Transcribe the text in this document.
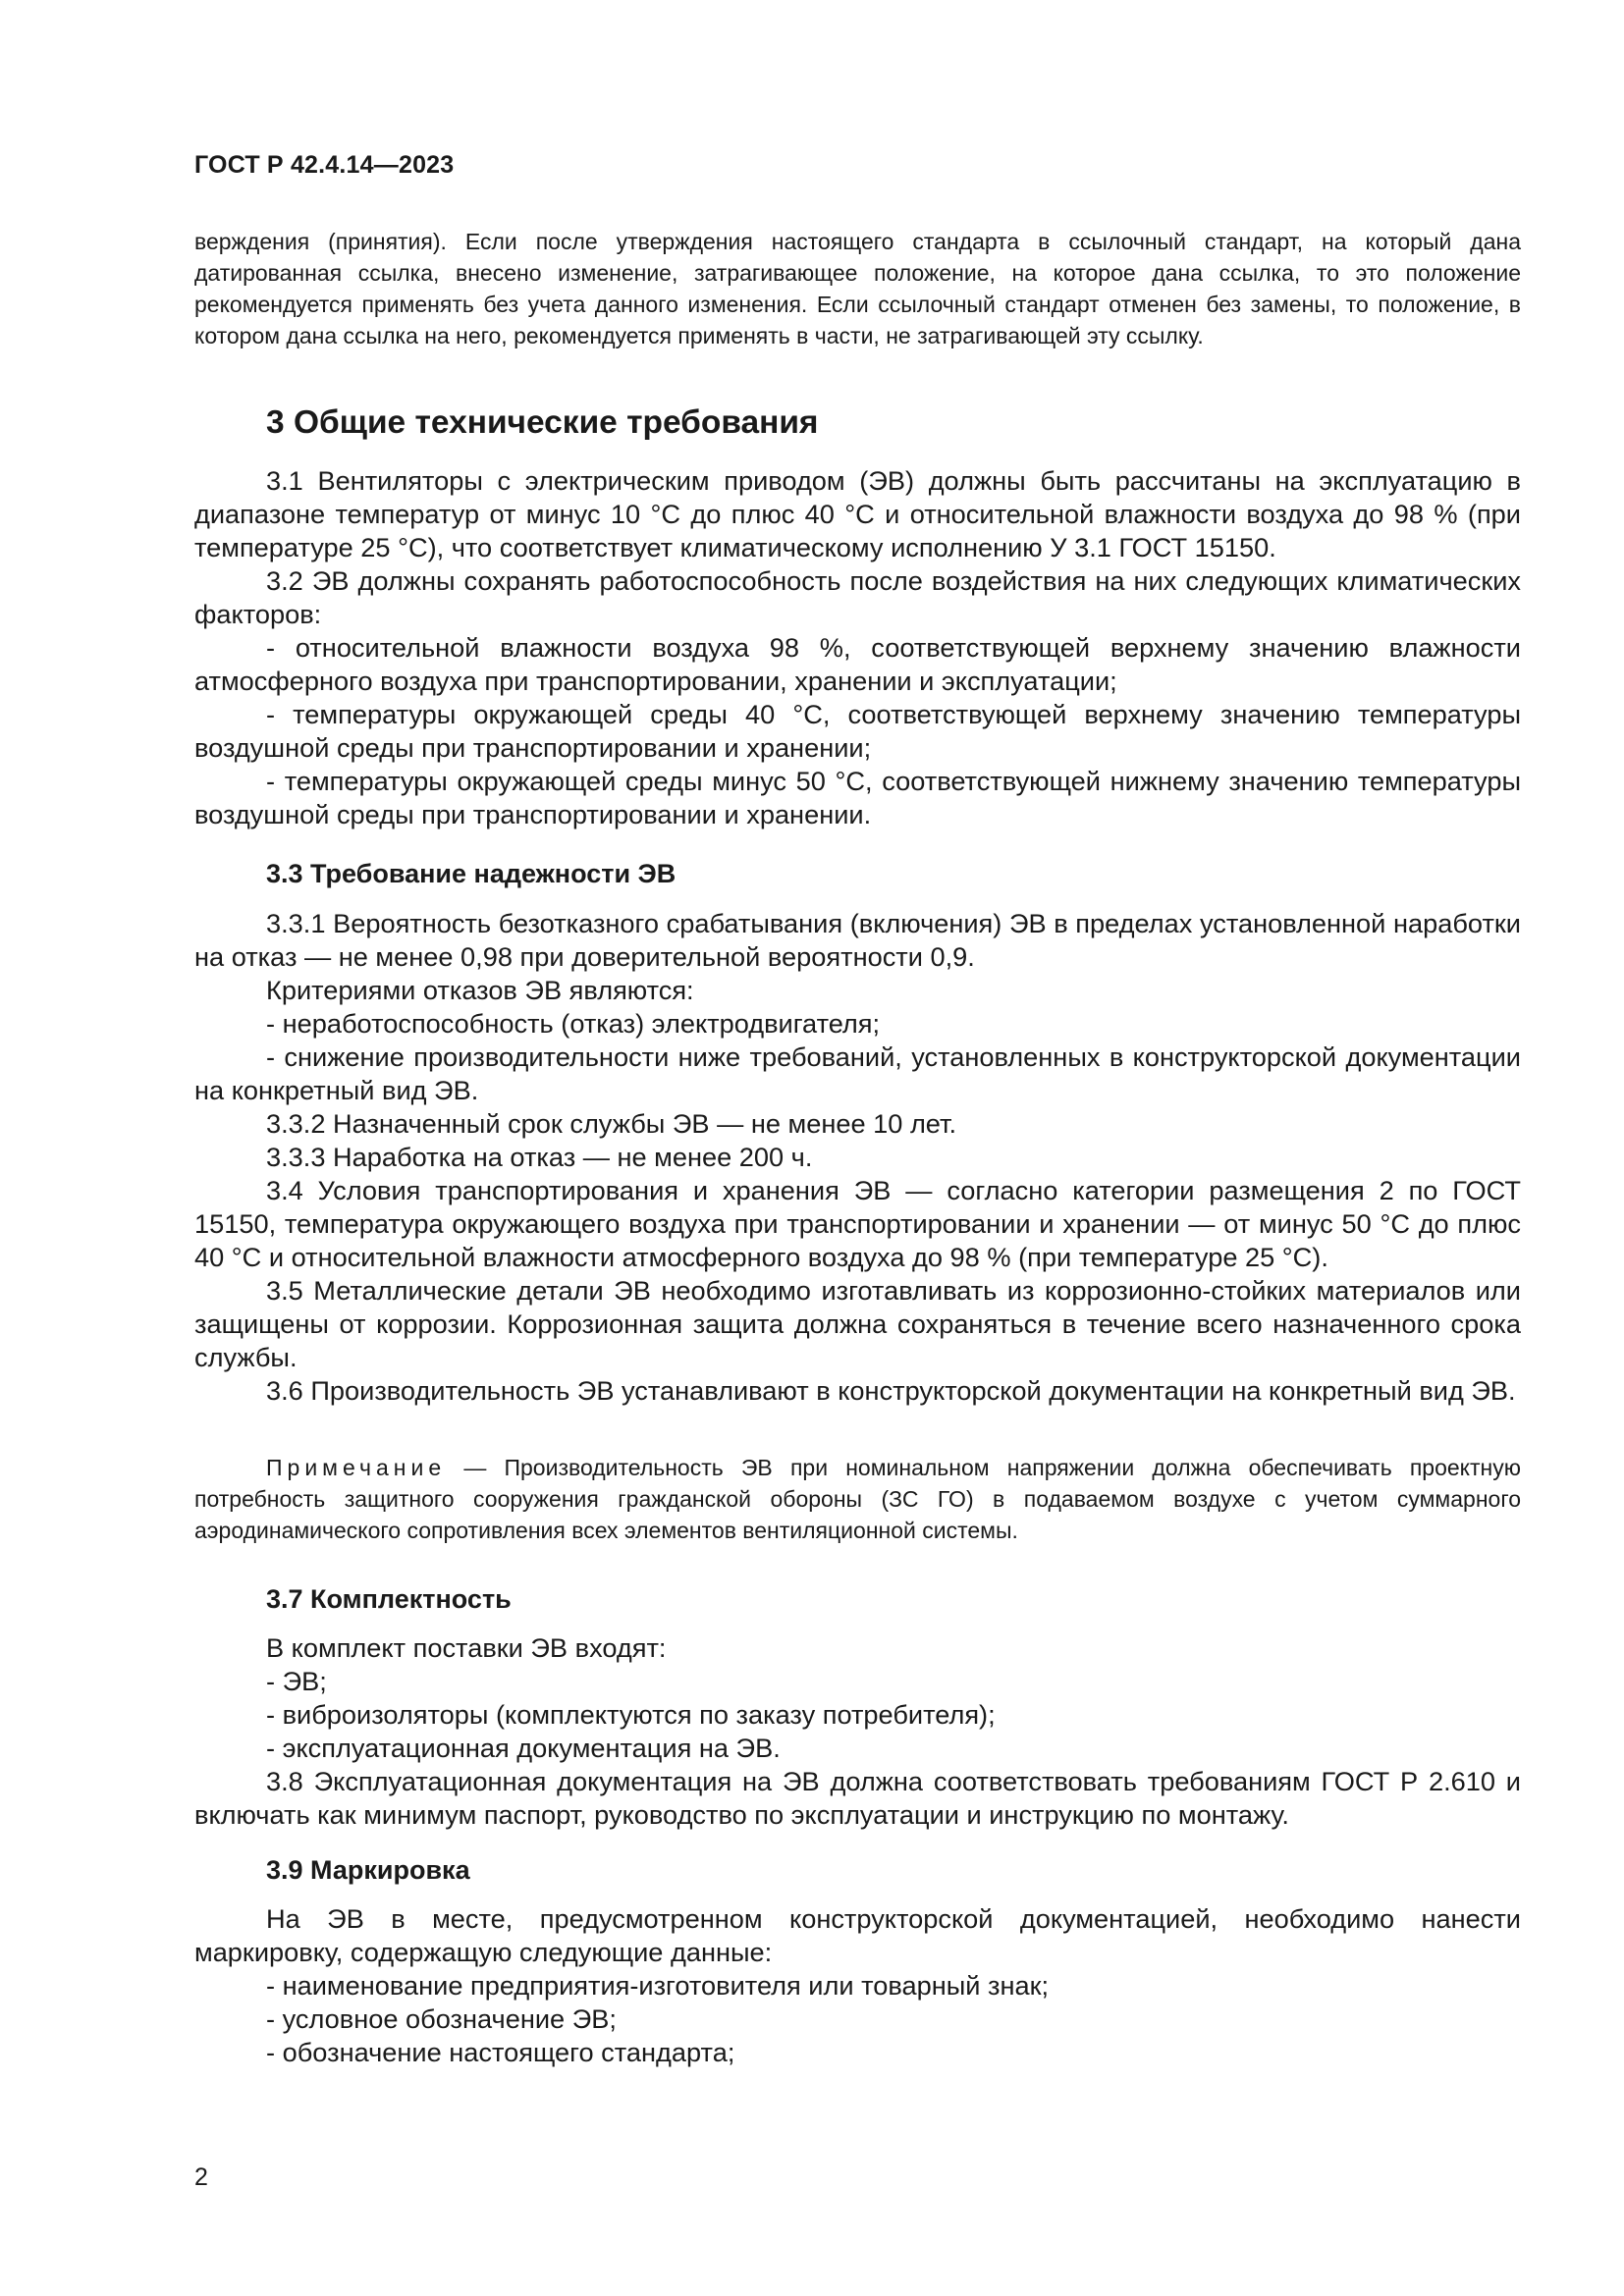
ГОСТ Р 42.4.14—2023

верждения (принятия). Если после утверждения настоящего стандарта в ссылочный стандарт, на который дана датированная ссылка, внесено изменение, затрагивающее положение, на которое дана ссылка, то это положение рекомендуется применять без учета данного изменения. Если ссылочный стандарт отменен без замены, то положение, в котором дана ссылка на него, рекомендуется применять в части, не затрагивающей эту ссылку.

3 Общие технические требования

3.1 Вентиляторы с электрическим приводом (ЭВ) должны быть рассчитаны на эксплуатацию в диапазоне температур от минус 10 °С до плюс 40 °С и относительной влажности воздуха до 98 % (при температуре 25 °С), что соответствует климатическому исполнению У 3.1 ГОСТ 15150.

3.2 ЭВ должны сохранять работоспособность после воздействия на них следующих климатических факторов:

- относительной влажности воздуха 98 %, соответствующей верхнему значению влажности атмосферного воздуха при транспортировании, хранении и эксплуатации;

- температуры окружающей среды 40 °С, соответствующей верхнему значению температуры воздушной среды при транспортировании и хранении;

- температуры окружающей среды минус 50 °С, соответствующей нижнему значению температуры воздушной среды при транспортировании и хранении.

3.3 Требование надежности ЭВ

3.3.1 Вероятность безотказного срабатывания (включения) ЭВ в пределах установленной наработки на отказ — не менее 0,98 при доверительной вероятности 0,9.

Критериями отказов ЭВ являются:

- неработоспособность (отказ) электродвигателя;

- снижение производительности ниже требований, установленных в конструкторской документации на конкретный вид ЭВ.

3.3.2 Назначенный срок службы ЭВ — не менее 10 лет.

3.3.3 Наработка на отказ — не менее 200 ч.

3.4 Условия транспортирования и хранения ЭВ — согласно категории размещения 2 по ГОСТ 15150, температура окружающего воздуха при транспортировании и хранении — от минус 50 °С до плюс 40 °С и относительной влажности атмосферного воздуха до 98 % (при температуре 25 °С).

3.5 Металлические детали ЭВ необходимо изготавливать из коррозионно-стойких материалов или защищены от коррозии. Коррозионная защита должна сохраняться в течение всего назначенного срока службы.

3.6 Производительность ЭВ устанавливают в конструкторской документации на конкретный вид ЭВ.

Примечание — Производительность ЭВ при номинальном напряжении должна обеспечивать проектную потребность защитного сооружения гражданской обороны (ЗС ГО) в подаваемом воздухе с учетом суммарного аэродинамического сопротивления всех элементов вентиляционной системы.

3.7 Комплектность

В комплект поставки ЭВ входят:

- ЭВ;

- виброизоляторы (комплектуются по заказу потребителя);

- эксплуатационная документация на ЭВ.

3.8 Эксплуатационная документация на ЭВ должна соответствовать требованиям ГОСТ Р 2.610 и включать как минимум паспорт, руководство по эксплуатации и инструкцию по монтажу.

3.9 Маркировка

На ЭВ в месте, предусмотренном конструкторской документацией, необходимо нанести маркировку, содержащую следующие данные:

- наименование предприятия-изготовителя или товарный знак;

- условное обозначение ЭВ;

- обозначение настоящего стандарта;

2
